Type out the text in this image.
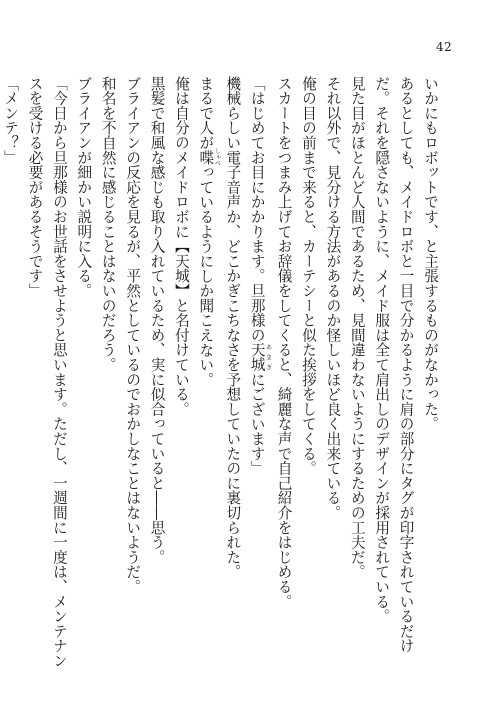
42
いかにもロボットです、と主張するものがなかった。
あるとしても、メイドロボと一目で分かるように肩の部分にタグが印字されているだけ
だ。それを隠さないように、メイド服は全て肩出しのデザインが採用されている。
見た目がほとんど人間であるため、見間違わないようにするための工夫だ。
それ以外で、見分ける方法があるのか怪しいほど良く出来ている。
俺の目の前まで来ると、カーテシーと似た挨拶をしてくる。
スカートをつまみ上げてお辞儀をしてくると、綺麗な声で自己紹介をはじめる。
「はじめてお目にかかります。旦那様の天城 あまぎにございます」
機械らしい電子音声か、どこかぎこちなさを予想していたのに裏切られた。
まるで人が喋 しゃべっているようにしか聞こえない。
俺は自分のメイドロボに【天城】と名付けている。
黒髪で和風な感じも取り入れているため、実に似合っていると――思う。
ブライアンの反応を見るが、平然としているのでおかしなことはないようだ。
和名を不自然に感じることはないのだろう。
ブライアンが細かい説明に入る。
「今日から旦那様のお世話をさせようと思います。ただし、一週間に一度は、メンテナン
スを受ける必要があるそうです」
「メンテ？」
